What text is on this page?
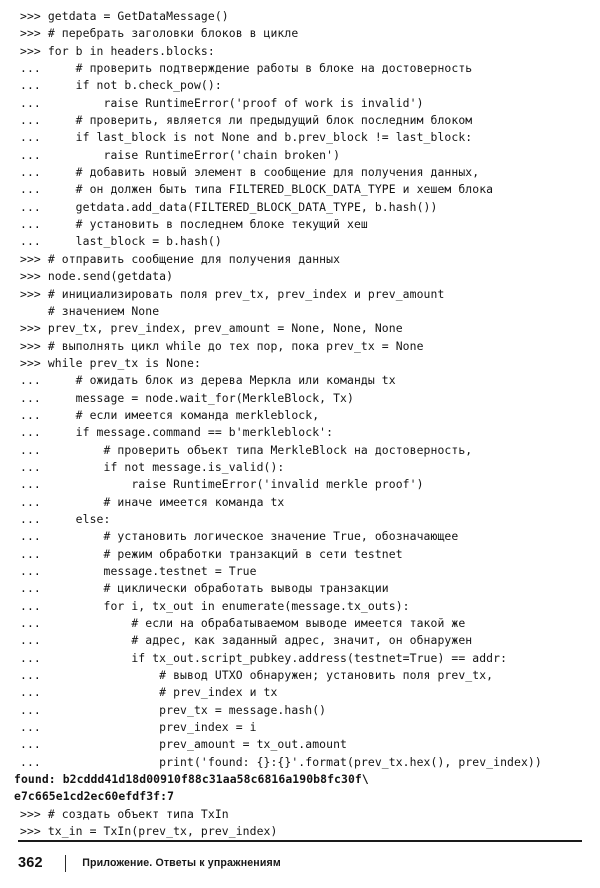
>>> getdata = GetDataMessage()
>>> # перебрать заголовки блоков в цикле
>>> for b in headers.blocks:
...     # проверить подтверждение работы в блоке на достоверность
...     if not b.check_pow():
...         raise RuntimeError('proof of work is invalid')
...     # проверить, является ли предыдущий блок последним блоком
...     if last_block is not None and b.prev_block != last_block:
...         raise RuntimeError('chain broken')
...     # добавить новый элемент в сообщение для получения данных,
...     # он должен быть типа FILTERED_BLOCK_DATA_TYPE и хешем блока
...     getdata.add_data(FILTERED_BLOCK_DATA_TYPE, b.hash())
...     # установить в последнем блоке текущий хеш
...     last_block = b.hash()
>>> # отправить сообщение для получения данных
>>> node.send(getdata)
>>> # инициализировать поля prev_tx, prev_index и prev_amount
# значением None
>>> prev_tx, prev_index, prev_amount = None, None, None
>>> # выполнять цикл while до тех пор, пока prev_tx = None
>>> while prev_tx is None:
...     # ожидать блок из дерева Меркла или команды tx
...     message = node.wait_for(MerkleBlock, Tx)
...     # если имеется команда merkleblock,
...     if message.command == b'merkleblock':
...         # проверить объект типа MerkleBlock на достоверность,
...         if not message.is_valid():
...             raise RuntimeError('invalid merkle proof')
...         # иначе имеется команда tx
...     else:
...         # установить логическое значение True, обозначающее
...         # режим обработки транзакций в сети testnet
...         message.testnet = True
...         # циклически обработать выводы транзакции
...         for i, tx_out in enumerate(message.tx_outs):
...             # если на обрабатываемом выводе имеется такой же
...             # адрес, как заданный адрес, значит, он обнаружен
...             if tx_out.script_pubkey.address(testnet=True) == addr:
...                 # вывод UTXO обнаружен; установить поля prev_tx,
...                 # prev_index и tx
...                 prev_tx = message.hash()
...                 prev_index = i
...                 prev_amount = tx_out.amount
...                 print('found: {}:{}'.format(prev_tx.hex(), prev_index))
found: b2cddd41d18d00910f88c31aa58c6816a190b8fc30f\
e7c665e1cd2ec60efdf3f:7
>>> # создать объект типа TxIn
>>> tx_in = TxIn(prev_tx, prev_index)
362	Приложение. Ответы к упражнениям
